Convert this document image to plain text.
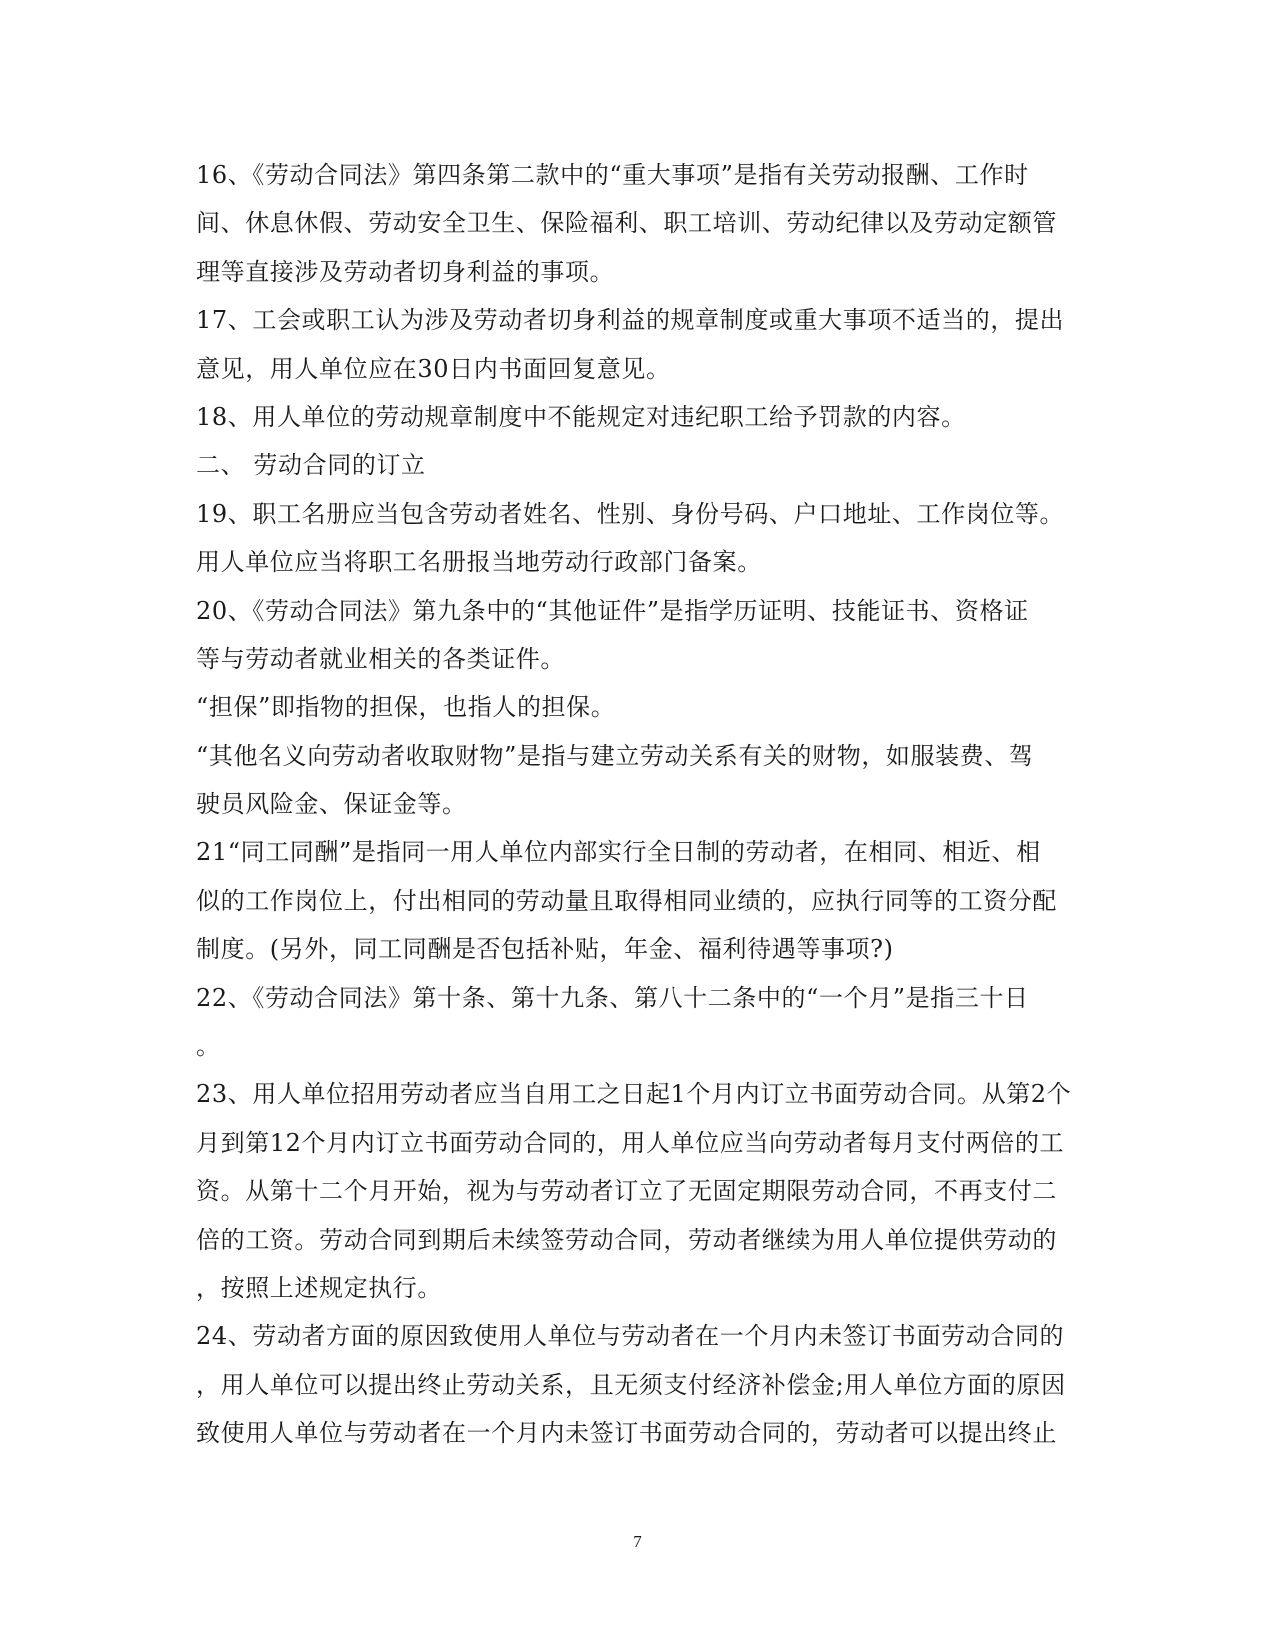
16、《劳动合同法》第四条第二款中的“重大事项”是指有关劳动报酬、工作时
间、休息休假、劳动安全卫生、保险福利、职工培训、劳动纪律以及劳动定额管
理等直接涉及劳动者切身利益的事项。
17、工会或职工认为涉及劳动者切身利益的规章制度或重大事项不适当的，提出
意见，用人单位应在30日内书面回复意见。
18、用人单位的劳动规章制度中不能规定对违纪职工给予罚款的内容。
二、 劳动合同的订立
19、职工名册应当包含劳动者姓名、性别、身份号码、户口地址、工作岗位等。
用人单位应当将职工名册报当地劳动行政部门备案。
20、《劳动合同法》第九条中的“其他证件”是指学历证明、技能证书、资格证
等与劳动者就业相关的各类证件。
“担保”即指物的担保，也指人的担保。
“其他名义向劳动者收取财物”是指与建立劳动关系有关的财物，如服装费、驾
驶员风险金、保证金等。
21“同工同酬”是指同一用人单位内部实行全日制的劳动者，在相同、相近、相
似的工作岗位上，付出相同的劳动量且取得相同业绩的，应执行同等的工资分配
制度。(另外，同工同酬是否包括补贴，年金、福利待遇等事项?)
22、《劳动合同法》第十条、第十九条、第八十二条中的“一个月”是指三十日
。
23、用人单位招用劳动者应当自用工之日起1个月内订立书面劳动合同。从第2个
月到第12个月内订立书面劳动合同的，用人单位应当向劳动者每月支付两倍的工
资。从第十二个月开始，视为与劳动者订立了无固定期限劳动合同，不再支付二
倍的工资。劳动合同到期后未续签劳动合同，劳动者继续为用人单位提供劳动的
，按照上述规定执行。
24、劳动者方面的原因致使用人单位与劳动者在一个月内未签订书面劳动合同的
，用人单位可以提出终止劳动关系，且无须支付经济补偿金;用人单位方面的原因
致使用人单位与劳动者在一个月内未签订书面劳动合同的，劳动者可以提出终止
7
